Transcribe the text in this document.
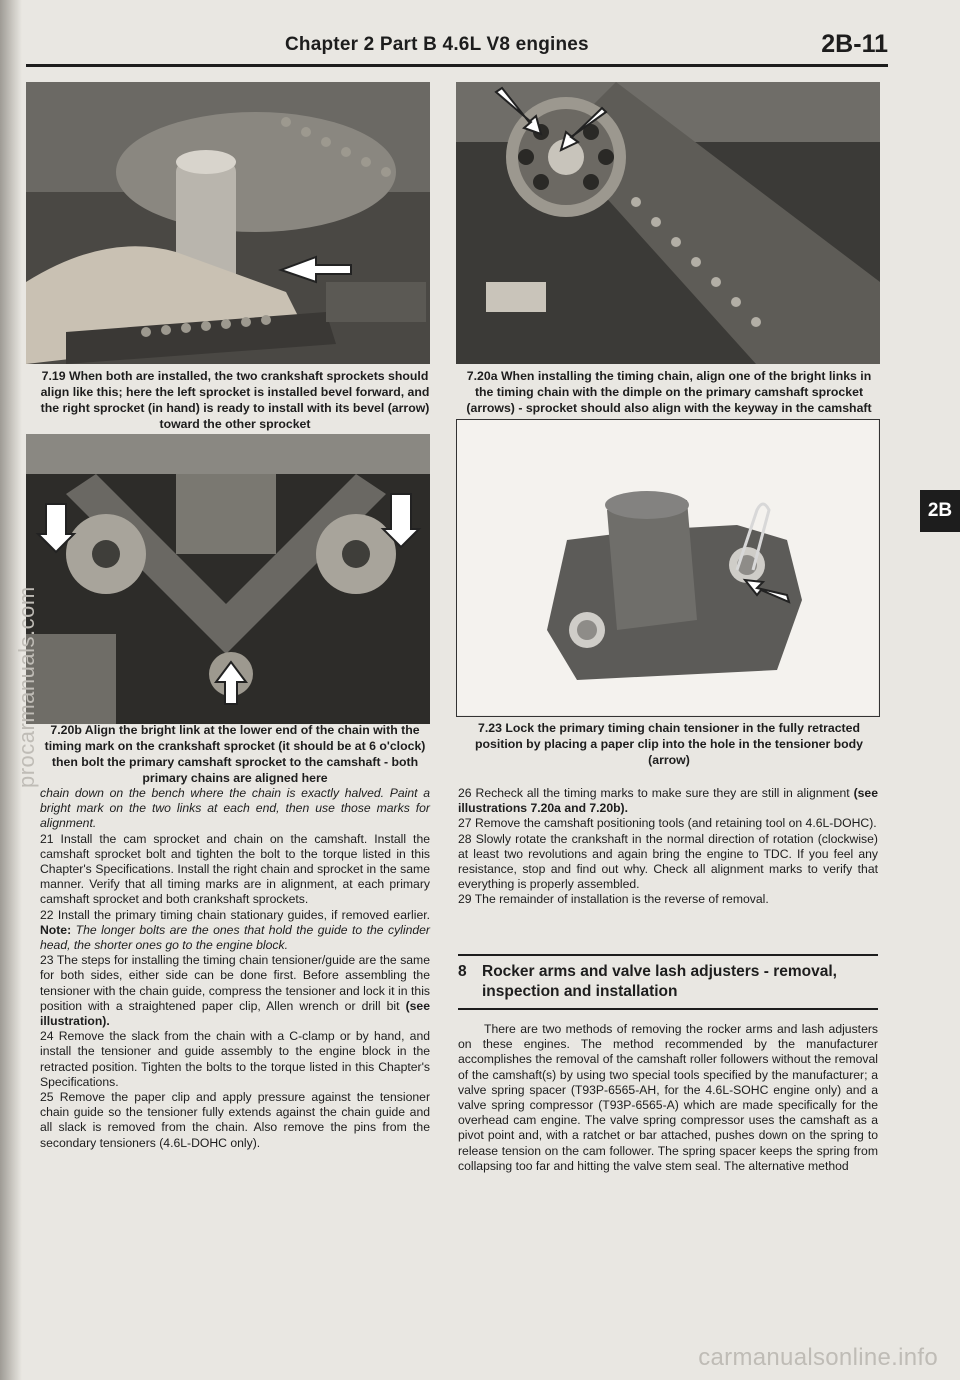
Chapter 2 Part B 4.6L V8 engines	2B-11
7.19 When both are installed, the two crankshaft sprockets should align like this; here the left sprocket is installed bevel forward, and the right sprocket (in hand) is ready to install with its bevel (arrow) toward the other sprocket
7.20a When installing the timing chain, align one of the bright links in the timing chain with the dimple on the primary camshaft sprocket (arrows) - sprocket should also align with the keyway in the camshaft
7.20b Align the bright link at the lower end of the chain with the timing mark on the crankshaft sprocket (it should be at 6 o'clock) then bolt the primary camshaft sprocket to the camshaft - both primary chains are aligned here
7.23 Lock the primary timing chain tensioner in the fully retracted position by placing a paper clip into the hole in the tensioner body (arrow)
2B

chain down on the bench where the chain is exactly halved. Paint a bright mark on the two links at each end, then use those marks for alignment.

21 Install the cam sprocket and chain on the camshaft. Install the camshaft sprocket bolt and tighten the bolt to the torque listed in this Chapter's Specifications. Install the right chain and sprocket in the same manner. Verify that all timing marks are in alignment, at each primary camshaft sprocket and both crankshaft sprockets.

22 Install the primary timing chain stationary guides, if removed earlier. Note: The longer bolts are the ones that hold the guide to the cylinder head, the shorter ones go to the engine block.

23 The steps for installing the timing chain tensioner/guide are the same for both sides, either side can be done first. Before assembling the tensioner with the chain guide, compress the tensioner and lock it in this position with a straightened paper clip, Allen wrench or drill bit (see illustration).

24 Remove the slack from the chain with a C-clamp or by hand, and install the tensioner and guide assembly to the engine block in the retracted position. Tighten the bolts to the torque listed in this Chapter's Specifications.

25 Remove the paper clip and apply pressure against the tensioner chain guide so the tensioner fully extends against the chain guide and all slack is removed from the chain. Also remove the pins from the secondary tensioners (4.6L-DOHC only).

26 Recheck all the timing marks to make sure they are still in alignment (see illustrations 7.20a and 7.20b).

27 Remove the camshaft positioning tools (and retaining tool on 4.6L-DOHC).

28 Slowly rotate the crankshaft in the normal direction of rotation (clockwise) at least two revolutions and again bring the engine to TDC. If you feel any resistance, stop and find out why. Check all alignment marks to verify that everything is properly assembled.

29 The remainder of installation is the reverse of removal.

8 Rocker arms and valve lash adjusters - removal, inspection and installation
There are two methods of removing the rocker arms and lash adjusters on these engines. The method recommended by the manufacturer accomplishes the removal of the camshaft roller followers without the removal of the camshaft(s) by using two special tools specified by the manufacturer; a valve spring spacer (T93P-6565-AH, for the 4.6L-SOHC engine only) and a valve spring compressor (T93P-6565-A) which are made specifically for the overhead cam engine. The valve spring compressor uses the camshaft as a pivot point and, with a ratchet or bar attached, pushes down on the spring to release tension on the cam follower. The spring spacer keeps the spring from collapsing too far and hitting the valve stem seal. The alternative method
procarmanuals.com
carmanualsonline.info
